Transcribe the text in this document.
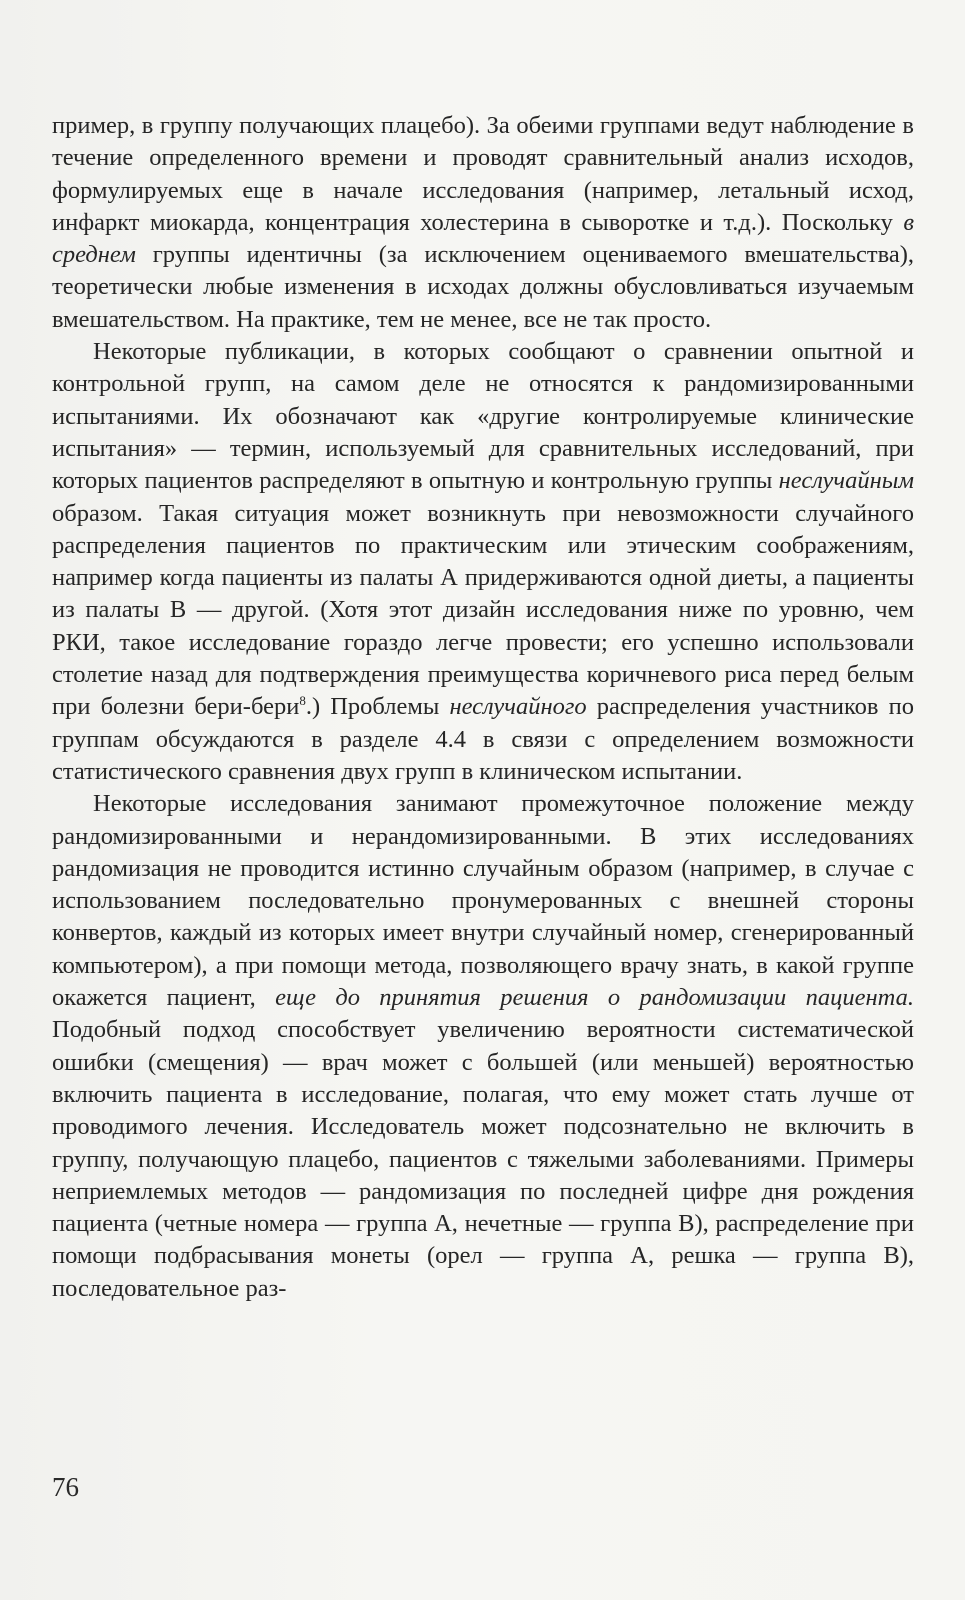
пример, в группу получающих плацебо). За обеими группами ведут наблюдение в течение определенного времени и проводят сравнительный анализ исходов, формулируемых еще в начале исследования (например, летальный исход, инфаркт миокарда, концентрация холестерина в сыворотке и т.д.). Поскольку в среднем группы идентичны (за исключением оцениваемого вмешательства), теоретически любые изменения в исходах должны обусловливаться изучаемым вмешательством. На практике, тем не менее, все не так просто.

Некоторые публикации, в которых сообщают о сравнении опытной и контрольной групп, на самом деле не относятся к рандомизированными испытаниями. Их обозначают как «другие контролируемые клинические испытания» — термин, используемый для сравнительных исследований, при которых пациентов распределяют в опытную и контрольную группы неслучайным образом. Такая ситуация может возникнуть при невозможности случайного распределения пациентов по практическим или этическим соображениям, например когда пациенты из палаты А придерживаются одной диеты, а пациенты из палаты В — другой. (Хотя этот дизайн исследования ниже по уровню, чем РКИ, такое исследование гораздо легче провести; его успешно использовали столетие назад для подтверждения преимущества коричневого риса перед белым при болезни бери-бери$^8$.) Проблемы неслучайного распределения участников по группам обсуждаются в разделе 4.4 в связи с определением возможности статистического сравнения двух групп в клиническом испытании.

Некоторые исследования занимают промежуточное положение между рандомизированными и нерандомизированными. В этих исследованиях рандомизация не проводится истинно случайным образом (например, в случае с использованием последовательно пронумерованных с внешней стороны конвертов, каждый из которых имеет внутри случайный номер, сгенерированный компьютером), а при помощи метода, позволяющего врачу знать, в какой группе окажется пациент, еще до принятия решения о рандомизации пациента. Подобный подход способствует увеличению вероятности систематической ошибки (смещения) — врач может с большей (или меньшей) вероятностью включить пациента в исследование, полагая, что ему может стать лучше от проводимого лечения. Исследователь может подсознательно не включить в группу, получающую плацебо, пациентов с тяжелыми заболеваниями. Примеры неприемлемых методов — рандомизация по последней цифре дня рождения пациента (четные номера — группа А, нечетные — группа В), распределение при помощи подбрасывания монеты (орел — группа А, решка — группа В), последовательное раз-

76
